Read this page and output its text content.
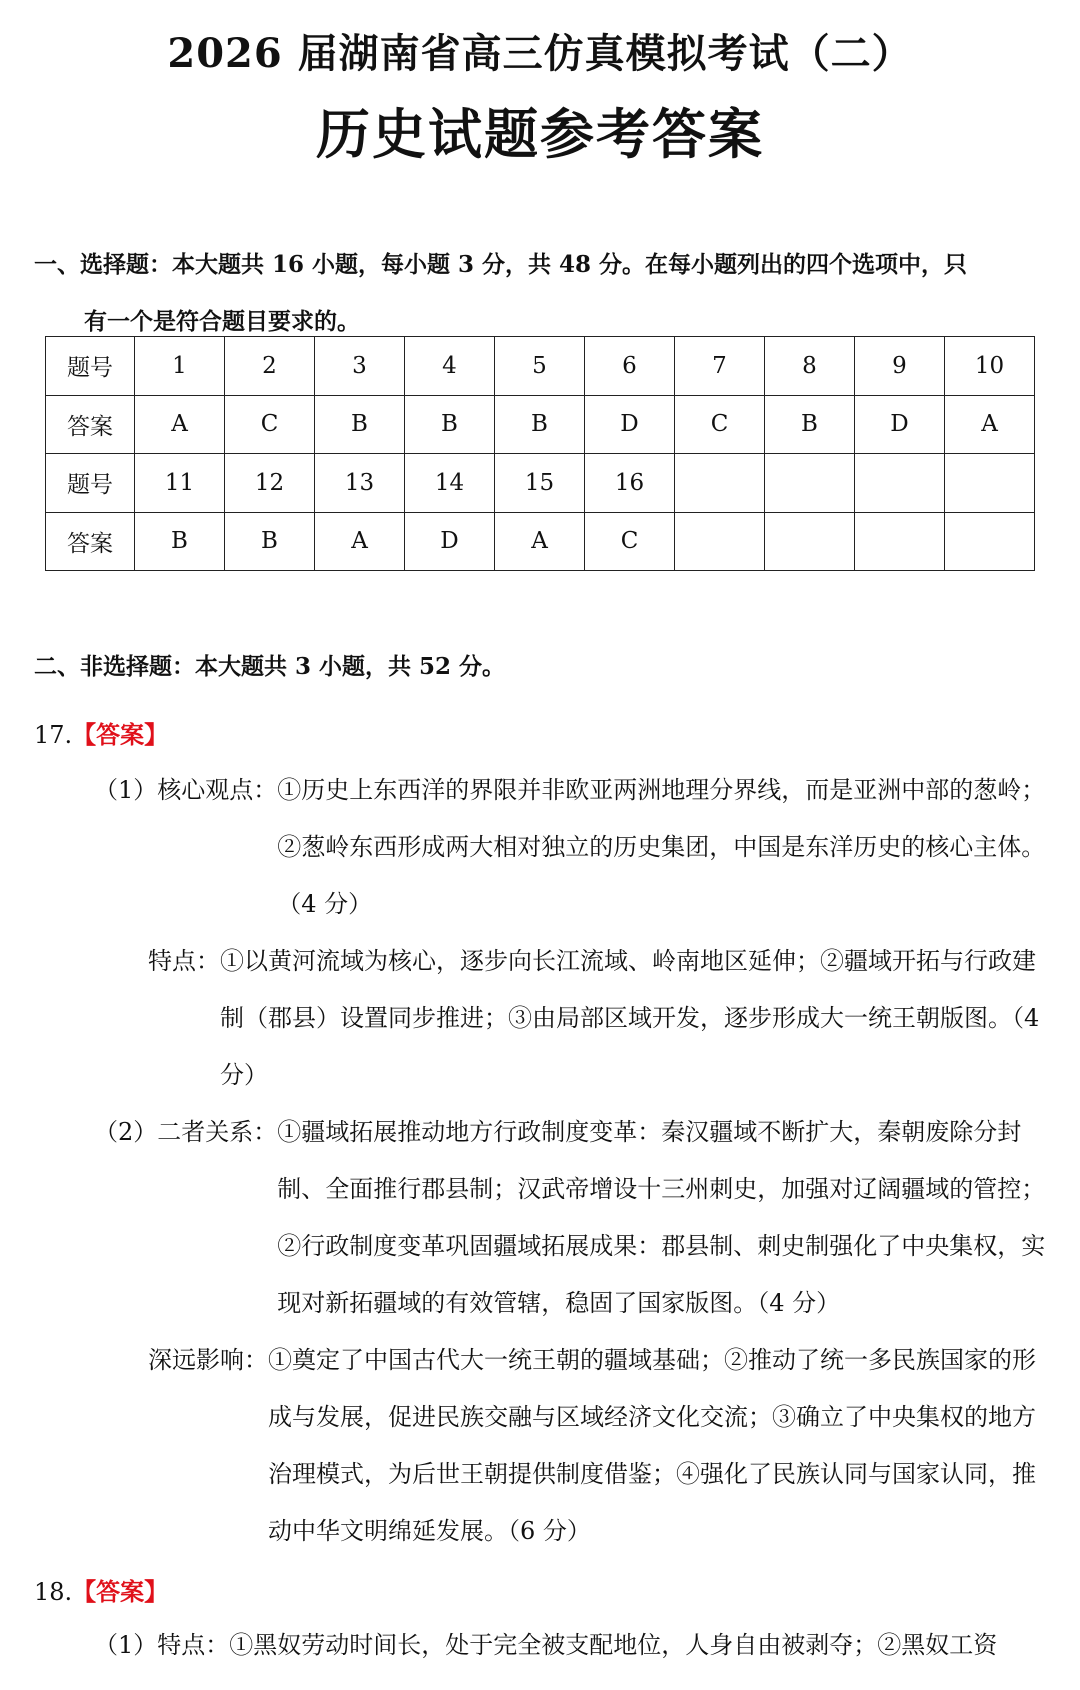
2026 届湖南省高三仿真模拟考试（二）
历史试题参考答案
一、选择题：本大题共 16 小题，每小题 3 分，共 48 分。在每小题列出的四个选项中，只
有一个是符合题目要求的。
题号	1	2	3	4	5	6	7	8	9	10
答案	A	C	B	B	B	D	C	B	D	A
题号	11	12	13	14	15	16				
答案	B	B	A	D	A	C				
二、非选择题：本大题共 3 小题，共 52 分。
17.【答案】
（1）核心观点： ①历史上东西洋的界限并非欧亚两洲地理分界线，而是亚洲中部的葱岭；②葱岭东西形成两大相对独立的历史集团，中国是东洋历史的核心主体。（4 分）
特点： ①以黄河流域为核心，逐步向长江流域、岭南地区延伸；②疆域开拓与行政建制（郡县）设置同步推进；③由局部区域开发，逐步形成大一统王朝版图。（4 分）
（2）二者关系： ①疆域拓展推动地方行政制度变革：秦汉疆域不断扩大，秦朝废除分封制、全面推行郡县制；汉武帝增设十三州刺史，加强对辽阔疆域的管控；②行政制度变革巩固疆域拓展成果：郡县制、刺史制强化了中央集权，实现对新拓疆域的有效管辖，稳固了国家版图。（4 分）
深远影响： ①奠定了中国古代大一统王朝的疆域基础；②推动了统一多民族国家的形成与发展，促进民族交融与区域经济文化交流；③确立了中央集权的地方治理模式，为后世王朝提供制度借鉴；④强化了民族认同与国家认同，推动中华文明绵延发展。（6 分）
18.【答案】
（1）特点： ①黑奴劳动时间长，处于完全被支配地位，人身自由被剥夺；②黑奴工资
